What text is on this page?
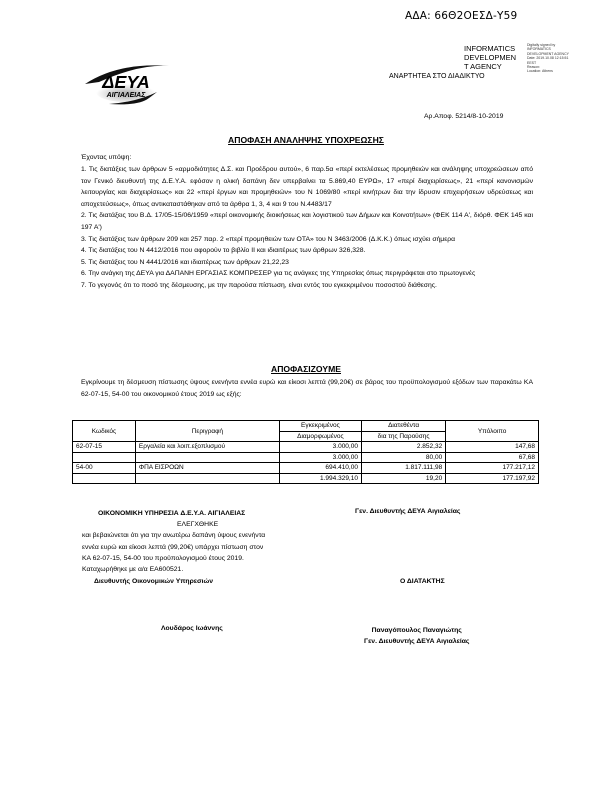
ΑΔΑ: 66Θ2ΟΕΣΔ-Υ59
INFORMATICS
DEVELOPMEN
T AGENCY
Digitally signed by
INFORMATICS
DEVELOPMENT AGENCY
Date: 2019.10.08 12:15:51
EEST
Reason:
Location: Athens
ΑΝΑΡΤΗΤΕΑ ΣΤΟ ΔΙΑΔΙΚΤΥΟ
ΔΕΥΑ
ΑΙΓΙΑΛΕΙΑΣ
Αρ.Αποφ. 5214/8-10-2019
ΑΠΟΦΑΣΗ ΑΝΑΛΗΨΗΣ ΥΠΟΧΡΕΩΣΗΣ
Έχοντας υπόψη:
1. Τις διατάξεις των άρθρων 5 «αρμοδιότητες Δ.Σ. και Προέδρου αυτού», 6 παρ.5α «περί εκτελέσεως προμηθειών και ανάληψης υποχρεώσεων από τον Γενικό διευθυντή της Δ.Ε.Υ.Α. εφόσον η ολική δαπάνη δεν υπερβαίνει τα 5.869,40 ΕΥΡΩ», 17 «περί διαχειρίσεως», 21 «περί κανονισμών λειτουργίας και διαχειρίσεως» και 22 «περί έργων και προμηθειών» του Ν 1069/80 «περί κινήτρων δια την ίδρυσιν επιχειρήσεων υδρεύσεως και αποχετεύσεως», όπως αντικαταστάθηκαν από τα άρθρα 1, 3, 4 και 9 του Ν.4483/17
2. Τις διατάξεις του Β.Δ. 17/05-15/06/1959 «περί οικονομικής διοικήσεως και λογιστικού των Δήμων και Κοινοτήτων» (ΦΕΚ 114 Α', διόρθ. ΦΕΚ 145 και 197 Α')
3. Τις διατάξεις των άρθρων 209 και 257 παρ. 2 «περί προμηθειών των ΟΤΑ» του Ν 3463/2006 (Δ.Κ.Κ.) όπως ισχύει σήμερα
4. Τις διατάξεις του Ν 4412/2016 που αφορούν το βιβλίο ΙΙ και ιδιαιτέρως των άρθρων 326,328.
5. Τις διατάξεις του Ν 4441/2016 και ιδιαιτέρως των άρθρων 21,22,23
6. Την ανάγκη της ΔΕΥΑ για ΔΑΠΑΝΗ ΕΡΓΑΣΙΑΣ ΚΟΜΠΡΕΣΕΡ για τις ανάγκες της Υπηρεσίας όπως περιγράφεται στο πρωτογενές
7. Το γεγονός ότι το ποσό της δέσμευσης, με την παρούσα πίστωση, είναι εντός του εγκεκριμένου ποσοστού διάθεσης.
ΑΠΟΦΑΣΙΖΟΥΜΕ
Εγκρίνουμε τη δέσμευση πίστωσης ύψους ενενήντα εννέα ευρώ και είκοσι λεπτά (99,20€) σε βάρος του προϋπολογισμού εξόδων των παρακάτω ΚΑ 62-07-15, 54-00 του οικονομικού έτους 2019 ως εξής:
Κωδικός	Περιγραφή	Εγκεκριμένος	Διατεθέντα	Υπόλοιπο
		Διαμορφωμένος	δια της Παρούσης	
62-07-15	Εργαλεία και λοιπ.εξοπλισμού	3.000,00	2.852,32	147,68
		3.000,00	80,00	67,68
54-00	ΦΠΑ ΕΙΣΡΟΩΝ	694.410,00	1.817.111,98	177.217,12
		1.994.329,10	19,20	177.197,92
ΟΙΚΟΝΟΜΙΚΗ ΥΠΗΡΕΣΙΑ Δ.Ε.Υ.Α. ΑΙΓΙΑΛΕΙΑΣ
ΕΛΕΓΧΘΗΚΕ
και βεβαιώνεται ότι για την ανωτέρω δαπάνη ύψους ενενήντα
εννέα ευρώ και είκοσι λεπτά (99,20€) υπάρχει πίστωση στον
ΚΑ 62-07-15, 54-00 του προϋπολογισμού έτους 2019.
Καταχωρήθηκε με α/α ΕΑ600521.
Γεν. Διευθυντής ΔΕΥΑ Αιγιαλείας
Διευθυντής Οικονομικών Υπηρεσιών	Ο ΔΙΑΤΑΚΤΗΣ
Λουδάρος Ιωάννης	Παναγόπουλος Παναγιώτης
Γεν. Διευθυντής ΔΕΥΑ Αιγιαλείας
